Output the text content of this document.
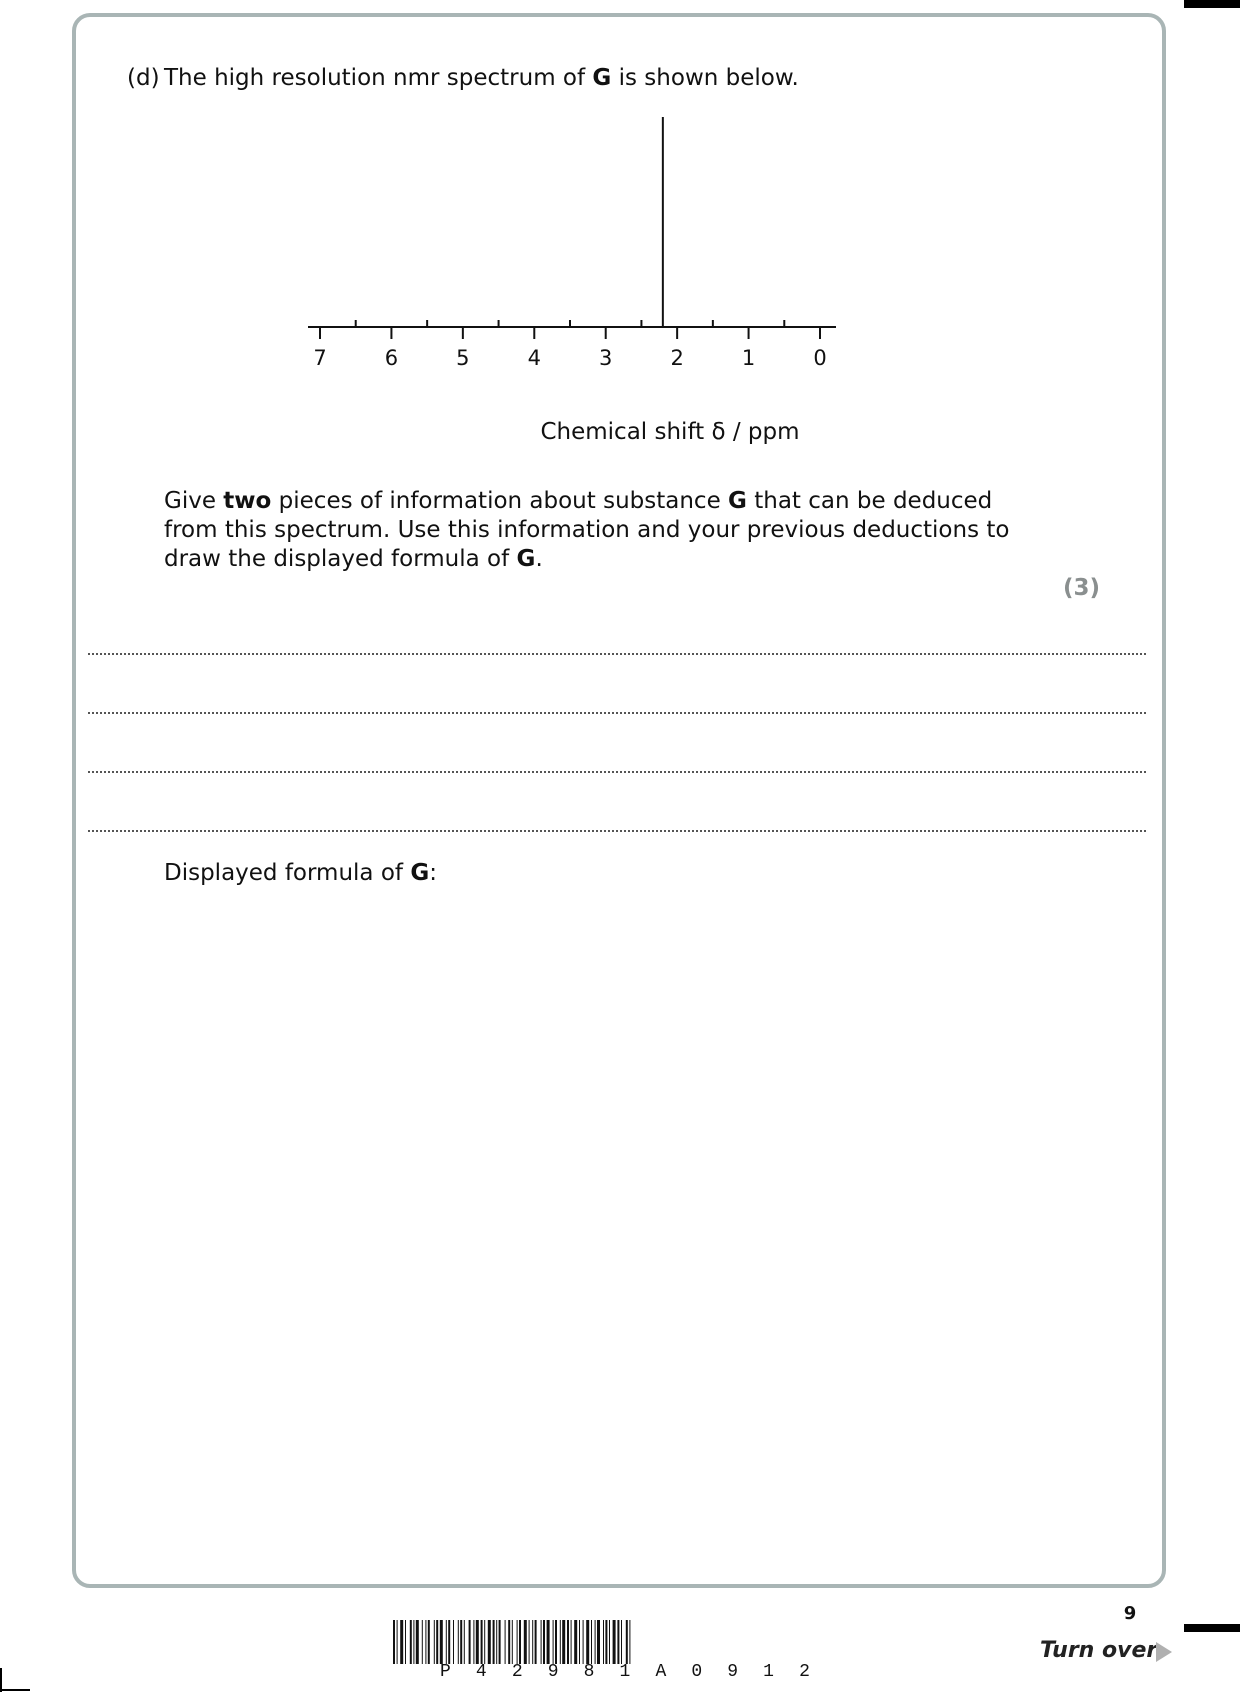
(d) The high resolution nmr spectrum of G is shown below.

7	6	5	4	3	2	1	0
Chemical shift δ / ppm

Give two pieces of information about substance G that can be deduced from this spectrum. Use this information and your previous deductions to draw the displayed formula of G.

(3)

Displayed formula of G:

9
Turn over
P 4 2 9 8 1 A 0 9 1 2
